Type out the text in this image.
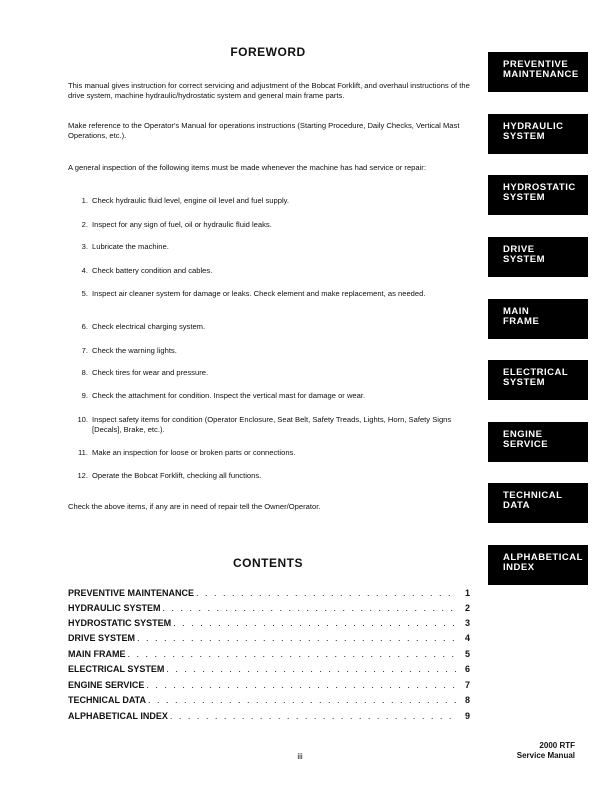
FOREWORD
This manual gives instruction for correct servicing and adjustment of the Bobcat Forklift, and overhaul instructions of the drive system, machine hydraulic/hydrostatic system and general main frame parts.
Make reference to the Operator's Manual for operations instructions (Starting Procedure, Daily Checks, Vertical Mast Operations, etc.).
A general inspection of the following items must be made whenever the machine has had service or repair:
1. Check hydraulic fluid level, engine oil level and fuel supply.
2. Inspect for any sign of fuel, oil or hydraulic fluid leaks.
3. Lubricate the machine.
4. Check battery condition and cables.
5. Inspect air cleaner system for damage or leaks. Check element and make replacement, as needed.
6. Check electrical charging system.
7. Check the warning lights.
8. Check tires for wear and pressure.
9. Check the attachment for condition. Inspect the vertical mast for damage or wear.
10. Inspect safety items for condition (Operator Enclosure, Seat Belt, Safety Treads, Lights, Horn, Safety Signs [Decals], Brake, etc.).
11. Make an inspection for loose or broken parts or connections.
12. Operate the Bobcat Forklift, checking all functions.
Check the above items, if any are in need of repair tell the Owner/Operator.
CONTENTS
PREVENTIVE MAINTENANCE . . .	1
HYDRAULIC SYSTEM . . .	2
HYDROSTATIC SYSTEM . . .	3
DRIVE SYSTEM . . .	4
MAIN FRAME . . .	5
ELECTRICAL SYSTEM . . .	6
ENGINE SERVICE . . .	7
TECHNICAL DATA . . .	8
ALPHABETICAL INDEX . . .	9
PREVENTIVE
MAINTENANCE
HYDRAULIC
SYSTEM
HYDROSTATIC
SYSTEM
DRIVE
SYSTEM
MAIN
FRAME
ELECTRICAL
SYSTEM
ENGINE
SERVICE
TECHNICAL
DATA
ALPHABETICAL
INDEX
iii
2000 RTF
Service Manual
